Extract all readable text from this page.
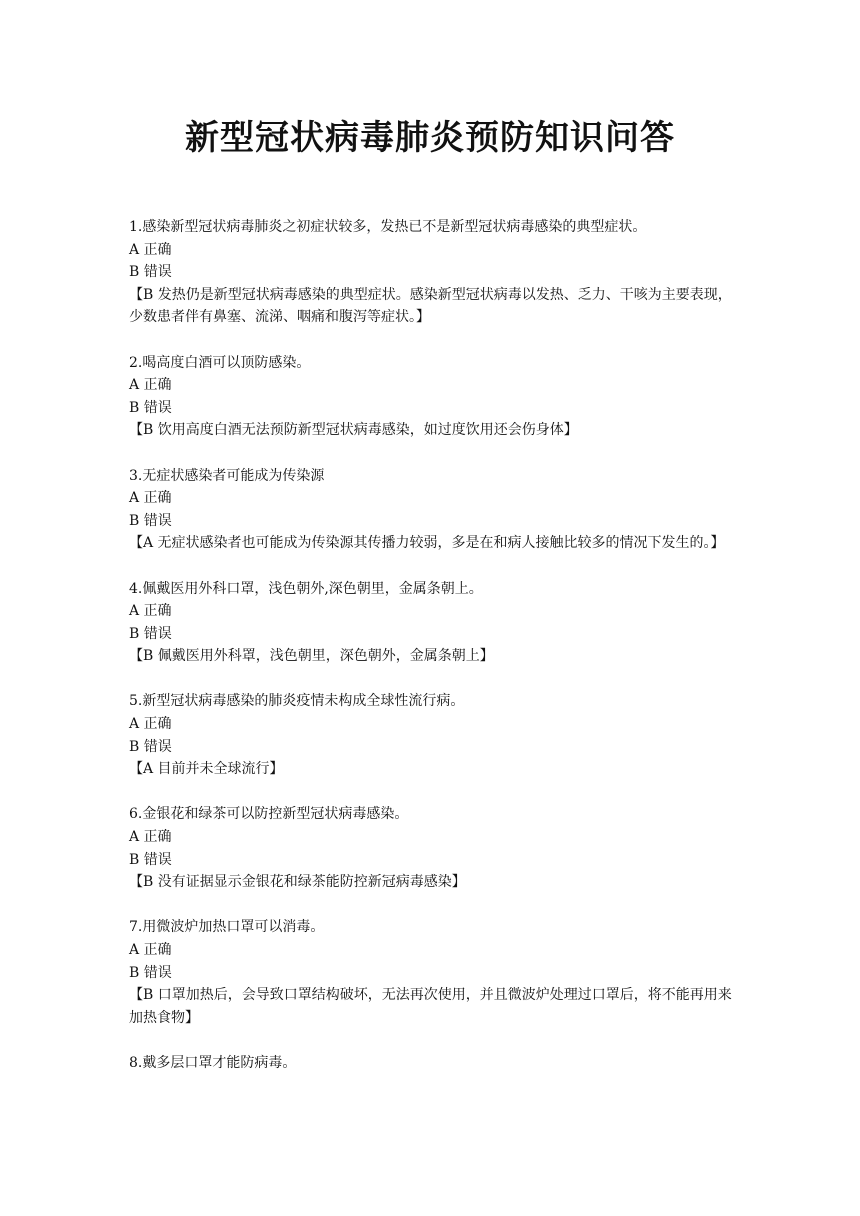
新型冠状病毒肺炎预防知识问答
1.感染新型冠状病毒肺炎之初症状较多，发热已不是新型冠状病毒感染的典型症状。
A 正确
B 错误
【B 发热仍是新型冠状病毒感染的典型症状。感染新型冠状病毒以发热、乏力、干咳为主要表现，少数患者伴有鼻塞、流涕、咽痛和腹泻等症状。】
2.喝高度白酒可以顶防感染。
A 正确
B 错误
【B 饮用高度白酒无法预防新型冠状病毒感染，如过度饮用还会伤身体】
3.无症状感染者可能成为传染源
A 正确
B 错误
【A 无症状感染者也可能成为传染源其传播力较弱，多是在和病人接触比较多的情况下发生的。】
4.佩戴医用外科口罩，浅色朝外,深色朝里，金属条朝上。
A 正确
B 错误
【B 佩戴医用外科罩，浅色朝里，深色朝外，金属条朝上】
5.新型冠状病毒感染的肺炎疫情未构成全球性流行病。
A 正确
B 错误
【A 目前并未全球流行】
6.金银花和绿茶可以防控新型冠状病毒感染。
A 正确
B 错误
【B 没有证据显示金银花和绿茶能防控新冠病毒感染】
7.用微波炉加热口罩可以消毒。
A 正确
B 错误
【B 口罩加热后，会导致口罩结构破坏，无法再次使用，并且微波炉处理过口罩后，将不能再用来加热食物】
8.戴多层口罩才能防病毒。
